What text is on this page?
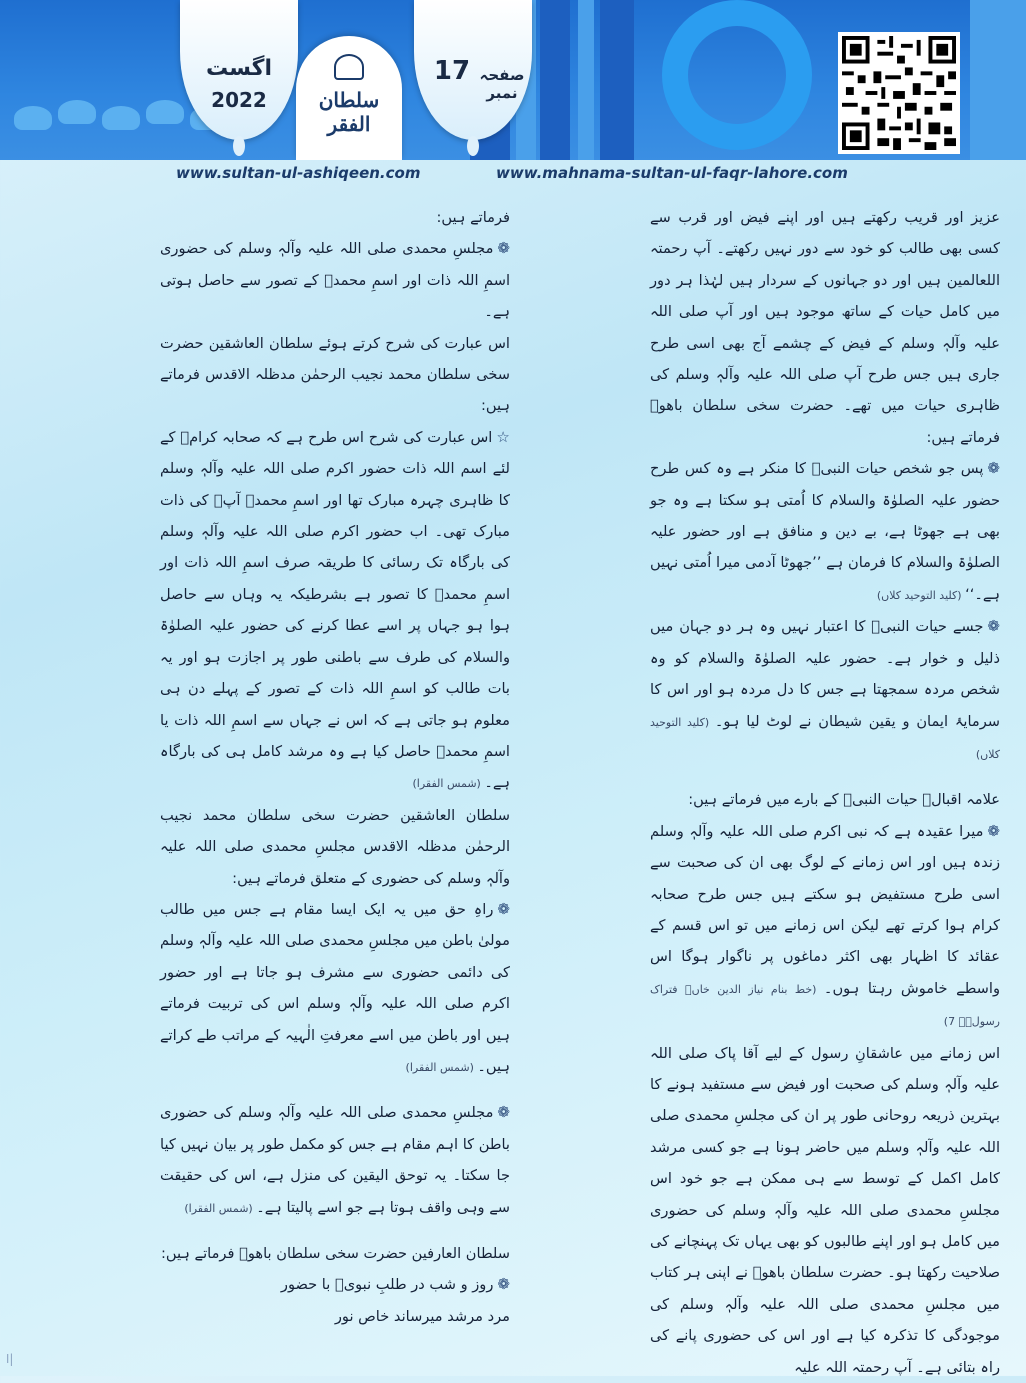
اگست
2022	سلطان الفقر
17 صفحہ نمبر
www.sultan-ul-ashiqeen.com	www.mahnama-sultan-ul-faqr-lahore.com

عزیز اور قریب رکھتے ہیں اور اپنے فیض اور قرب سے کسی بھی طالب کو خود سے دور نہیں رکھتے۔ آپ رحمتہ اللعالمین ہیں اور دو جہانوں کے سردار ہیں لہٰذا ہر دور میں کامل حیات کے ساتھ موجود ہیں اور آپ صلی اللہ علیہ وآلہٖ وسلم کے فیض کے چشمے آج بھی اسی طرح جاری ہیں جس طرح آپ صلی اللہ علیہ وآلہٖ وسلم کی ظاہری حیات میں تھے۔ حضرت سخی سلطان باھوؒ فرماتے ہیں:

❁پس جو شخص حیات النبیؐ کا منکر ہے وہ کس طرح حضور علیہ الصلوٰۃ والسلام کا اُمتی ہو سکتا ہے وہ جو بھی ہے جھوٹا ہے، بے دین و منافق ہے اور حضور علیہ الصلوٰۃ والسلام کا فرمان ہے ’’جھوٹا آدمی میرا اُمتی نہیں ہے۔‘‘ (کلید التوحید کلاں)

❁جسے حیات النبیؐ کا اعتبار نہیں وہ ہر دو جہان میں ذلیل و خوار ہے۔ حضور علیہ الصلوٰۃ والسلام کو وہ شخص مردہ سمجھتا ہے جس کا دل مردہ ہو اور اس کا سرمایۂ ایمان و یقین شیطان نے لوٹ لیا ہو۔ (کلید التوحید کلاں)

علامہ اقبالؒ حیات النبیؐ کے بارے میں فرماتے ہیں:

❁میرا عقیدہ ہے کہ نبی اکرم صلی اللہ علیہ وآلہٖ وسلم زندہ ہیں اور اس زمانے کے لوگ بھی ان کی صحبت سے اسی طرح مستفیض ہو سکتے ہیں جس طرح صحابہ کرام ہوا کرتے تھے لیکن اس زمانے میں تو اس قسم کے عقائد کا اظہار بھی اکثر دماغوں پر ناگوار ہوگا اس واسطے خاموش رہتا ہوں۔ (خط بنام نیاز الدین خاں۔ فتراک رسولؐ۔ 7)

اس زمانے میں عاشقانِ رسول کے لیے آقا پاک صلی اللہ علیہ وآلہٖ وسلم کی صحبت اور فیض سے مستفید ہونے کا بہترین ذریعہ روحانی طور پر ان کی مجلسِ محمدی صلی اللہ علیہ وآلہٖ وسلم میں حاضر ہونا ہے جو کسی مرشد کامل اکمل کے توسط سے ہی ممکن ہے جو خود اس مجلسِ محمدی صلی اللہ علیہ وآلہٖ وسلم کی حضوری میں کامل ہو اور اپنے طالبوں کو بھی یہاں تک پہنچانے کی صلاحیت رکھتا ہو۔ حضرت سلطان باھوؒ نے اپنی ہر کتاب میں مجلسِ محمدی صلی اللہ علیہ وآلہٖ وسلم کی موجودگی کا تذکرہ کیا ہے اور اس کی حضوری پانے کی راہ بتائی ہے۔ آپ رحمتہ اللہ علیہ

فرماتے ہیں:

❁مجلسِ محمدی صلی اللہ علیہ وآلہٖ وسلم کی حضوری اسمِ اللہ ذات اور اسمِ محمدؐ کے تصور سے حاصل ہوتی ہے۔

اس عبارت کی شرح کرتے ہوئے سلطان العاشقین حضرت سخی سلطان محمد نجیب الرحمٰن مدظلہ الاقدس فرماتے ہیں:

☆اس عبارت کی شرح اس طرح ہے کہ صحابہ کرامؓ کے لئے اسم اللہ ذات حضور اکرم صلی اللہ علیہ وآلہٖ وسلم کا ظاہری چہرہ مبارک تھا اور اسمِ محمدؐ آپؐ کی ذات مبارک تھی۔ اب حضور اکرم صلی اللہ علیہ وآلہٖ وسلم کی بارگاہ تک رسائی کا طریقہ صرف اسمِ اللہ ذات اور اسمِ محمدؐ کا تصور ہے بشرطیکہ یہ وہاں سے حاصل ہوا ہو جہاں پر اسے عطا کرنے کی حضور علیہ الصلوٰۃ والسلام کی طرف سے باطنی طور پر اجازت ہو اور یہ بات طالب کو اسمِ اللہ ذات کے تصور کے پہلے دن ہی معلوم ہو جاتی ہے کہ اس نے جہاں سے اسمِ اللہ ذات یا اسمِ محمدؐ حاصل کیا ہے وہ مرشد کامل ہی کی بارگاہ ہے۔ (شمس الفقرا)

سلطان العاشقین حضرت سخی سلطان محمد نجیب الرحمٰن مدظلہ الاقدس مجلسِ محمدی صلی اللہ علیہ وآلہٖ وسلم کی حضوری کے متعلق فرماتے ہیں:

❁راہِ حق میں یہ ایک ایسا مقام ہے جس میں طالب مولیٰ باطن میں مجلسِ محمدی صلی اللہ علیہ وآلہٖ وسلم کی دائمی حضوری سے مشرف ہو جاتا ہے اور حضور اکرم صلی اللہ علیہ وآلہٖ وسلم اس کی تربیت فرماتے ہیں اور باطن میں اسے معرفتِ الٰہیہ کے مراتب طے کراتے ہیں۔ (شمس الفقرا)

❁مجلسِ محمدی صلی اللہ علیہ وآلہٖ وسلم کی حضوری باطن کا اہم مقام ہے جس کو مکمل طور پر بیان نہیں کیا جا سکتا۔ یہ توحق الیقین کی منزل ہے، اس کی حقیقت سے وہی واقف ہوتا ہے جو اسے پالیتا ہے۔ (شمس الفقرا)

سلطان العارفین حضرت سخی سلطان باھوؒ فرماتے ہیں:

❁روز و شب در طلبِ نبویؐ با حضور

مرد مرشد میرساند خاص نور

ا|
